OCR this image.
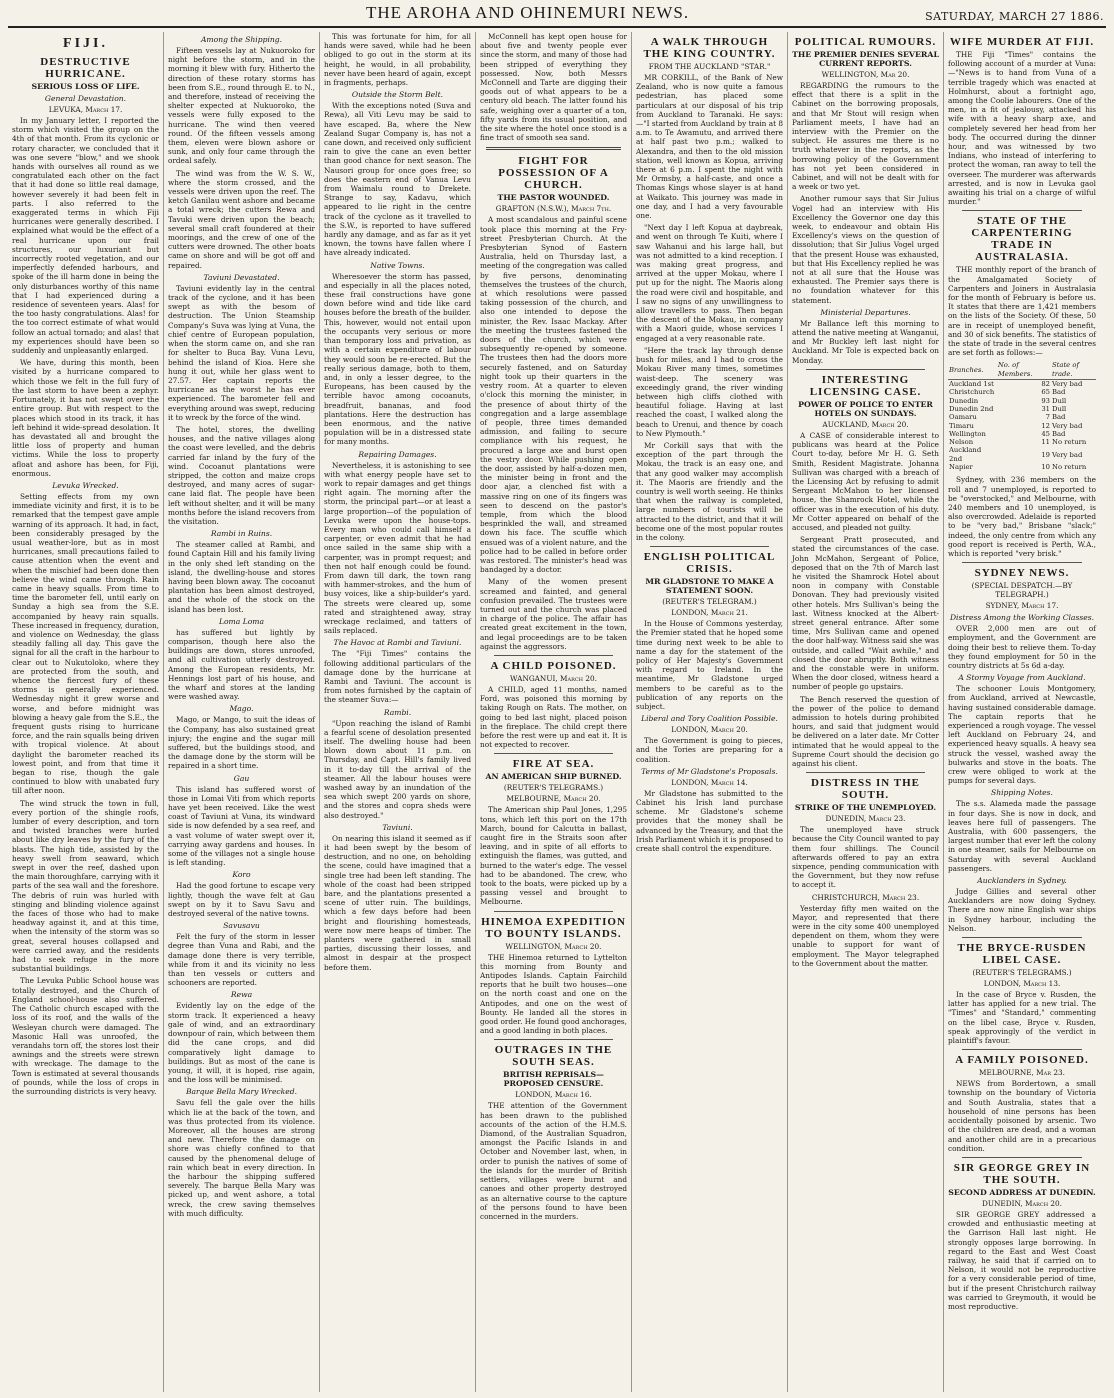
THE AROHA AND OHINEMURI NEWS.	SATURDAY, MARCH 27 1886.
FIJI.
DESTRUCTIVE HURRICANE.
SERIOUS LOSS OF LIFE.
General Devastation.
LEVUKA, March 17.

In my January letter, I reported the storm which visited the group on the 4th of that month. From its cyclonic or rotary character, we concluded that it was one severe "blow," and we shook hands with ourselves all round as we congratulated each other on the fact that it had done so little real damage, however severely it had been felt in parts. I also referred to the exaggerated terms in which Fiji hurricanes were generally described. I explained what would be the effect of a real hurricane upon our frail structures, our luxuriant but incorrectly rooted vegetation, and our imperfectly defended harbours, and spoke of the ill harm done in being the only disturbances worthy of this name that I had experienced during a residence of seventeen years. Alas! for the too hasty congratulations. Alas! for the too correct estimate of what would follow an actual tornado; and alas! that my experiences should have been so suddenly and unpleasantly enlarged.

We have, during this month, been visited by a hurricane compared to which those we felt in the full fury of the last storm to have been a zephyr. Fortunately, it has not swept over the entire group. But with respect to the places which stood in its track, it has left behind it wide-spread desolation. It has devastated all and brought the little loss of property and human victims. While the loss to property afloat and ashore has been, for Fiji, enormous.

Levuka Wrecked.

Setting effects from my own immediate vicinity and first, it is to be remarked that the tempest gave ample warning of its approach. It had, in fact, been considerably presaged by the usual weather-lore, but as in most hurricanes, small precautions failed to cause attention when the event and when the mischief had been done then believe the wind came through. Rain came in heavy squalls. From time to time the barometer fell, until early on Sunday a high sea from the S.E. accompanied by heavy rain squalls. These increased in frequency, duration, and violence on Wednesday, the glass steadily falling all day. This gave the signal for all the craft in the harbour to clear out to Nukutoloko, where they are protected from the south, and whence the fiercest fury of these storms is generally experienced. Wednesday night it grew worse and worse, and before midnight was blowing a heavy gale from the S.E., the frequent gusts rising to hurricane force, and the rain squalls being driven with tropical violence. At about daylight the barometer reached its lowest point, and from that time it began to rise, though the gale continued to blow with unabated fury till after noon.

The wind struck the town in full, every portion of the shingle roofs, lumber of every description, and torn and twisted branches were hurled about like dry leaves by the fury of the blasts. The high tide, assisted by the heavy swell from seaward, which swept in over the reef, dashed upon the main thoroughfare, carrying with it parts of the sea wall and the foreshore. The debris of ruin was hurled with stinging and blinding violence against the faces of those who had to make headway against it, and at this time, when the intensity of the storm was so great, several houses collapsed and were carried away, and the residents had to seek refuge in the more substantial buildings.

The Levuka Public School house was totally destroyed, and the Church of England school-house also suffered. The Catholic church escaped with the loss of its roof, and the walls of the Wesleyan church were damaged. The Masonic Hall was unroofed, the verandahs torn off, the stores lost their awnings and the streets were strewn with wreckage. The damage to the Town is estimated at several thousands of pounds, while the loss of crops in the surrounding districts is very heavy.

Among the Shipping.

Fifteen vessels lay at Nukuoroko for night before the storm, and in the morning it blew with fury. Hitherto the direction of these rotary storms has been from S.E., round through E. to N., and therefore, instead of receiving the shelter expected at Nukuoroko, the vessels were fully exposed to the hurricane. The wind then veered round. Of the fifteen vessels among them, eleven were blown ashore or sunk, and only four came through the ordeal safely.

The wind was from the W. S. W., where the storm crossed, and the vessels were driven upon the reef. The ketch Ganilau went ashore and became a total wreck; the cutters Rewa and Tavuki were driven upon the beach; several small craft foundered at their moorings, and the crew of one of the cutters were drowned. The other boats came on shore and will be got off and repaired.

Taviuni Devastated.

Taviuni evidently lay in the central track of the cyclone, and it has been swept as with the besom of destruction. The Union Steamship Company's Suva was lying at Vuna, the chief centre of European population, when the storm came on, and she ran for shelter to Buca Bay. Vuna Levu, behind the island of Kioa. Here she hung it out, while her glass went to 27.57. Her captain reports the hurricane as the worst he has ever experienced. The barometer fell and everything around was swept, reducing it to wreck by the force of the wind.

The hotel, stores, the dwelling houses, and the native villages along the coast were levelled, and the debris carried far inland by the fury of the wind. Cocoanut plantations were stripped, the cotton and maize crops destroyed, and many acres of sugar-cane laid flat. The people have been left without shelter, and it will be many months before the island recovers from the visitation.

Rambi in Ruins.

The steamer called at Rambi, and found Captain Hill and his family living in the only shed left standing on the island, the dwelling-house and stores having been blown away. The cocoanut plantation has been almost destroyed, and the whole of the stock on the island has been lost.

Loma Loma

has suffered but lightly by comparison, though here also the buildings are down, stores unroofed, and all cultivation utterly destroyed. Among the European residents, Mr. Hennings lost part of his house, and the wharf and stores at the landing were washed away.

Mago.

Mago, or Mango, to suit the ideas of the Company, has also sustained great injury; the engine and the sugar mill suffered, but the buildings stood, and the damage done by the storm will be repaired in a short time.

Gau

This island has suffered worst of those in Lomai Viti from which reports have yet been received. Like the west coast of Taviuni at Vuna, its windward side is now defended by a sea reef, and a vast volume of water swept over it, carrying away gardens and houses. In some of the villages not a single house is left standing.

Koro

Had the good fortune to escape very lightly, though the wave felt at Gau swept on by it to Savu Savu and destroyed several of the native towns.

Savusavu

Felt the fury of the storm in lesser degree than Vuna and Rabi, and the damage done there is very terrible, while from it and its vicinity no less than ten vessels or cutters and schooners are reported.

Rewa

Evidently lay on the edge of the storm track. It experienced a heavy gale of wind, and an extraordinary downpour of rain, which between them did the cane crops, and did comparatively light damage to buildings. But as most of the cane is young, it will, it is hoped, rise again, and the loss will be minimised.

Barque Bella Mary Wrecked.

Savu fell the gale over the hills which lie at the back of the town, and was thus protected from its violence. Moreover, all the houses are strong and new. Therefore the damage on shore was chiefly confined to that caused by the phenomenal deluge of rain which beat in every direction. In the harbour the shipping suffered severely. The barque Bella Mary was picked up, and went ashore, a total wreck, the crew saving themselves with much difficulty.

This was fortunate for him, for all hands were saved, while had he been obliged to go out in the storm at its height, he would, in all probability, never have been heard of again, except in fragments, perhaps.

Outside the Storm Belt.

With the exceptions noted (Suva and Rewa), all Viti Levu may be said to have escaped. Ba, where the New Zealand Sugar Company is, has not a cane down, and received only sufficient rain to give the cane an even better than good chance for next season. The Nausori group for once goes free; so does the eastern end of Vanua Levu from Waimalu round to Drekete. Strange to say, Kadavu, which appeared to lie right in the centre track of the cyclone as it travelled to the S.W., is reported to have suffered hardly any damage, and as far as it yet known, the towns have fallen where I have already indicated.

Native Towns.

Wheresoever the storm has passed, and especially in all the places noted, these frail constructions have gone down before wind and tide like card houses before the breath of the builder. This, however, would not entail upon the occupants very serious or more than temporary loss and privation, as with a certain expenditure of labour they would soon be re-erected. But the really serious damage, both to them, and, in only a lesser degree, to the Europeans, has been caused by the terrible havoc among cocoanuts, breadfruit, bananas, and food plantations. Here the destruction has been enormous, and the native population will be in a distressed state for many months.

Repairing Damages.

Nevertheless, it is astonishing to see with what energy people have set to work to repair damages and get things right again. The morning after the storm, the principal part—or at least a large proportion—of the population of Levuka were upon the house-tops. Every man who could call himself a carpenter, or even admit that he had once sailed in the same ship with a carpenter, was in prompt request; and then not half enough could be found. From dawn till dark, the town rang with hammer-strokes, and the hum of busy voices, like a ship-builder's yard. The streets were cleared up, some rated and straightened away, stray wreckage reclaimed, and tatters of sails replaced.

The Havoc at Rambi and Taviuni.

The "Fiji Times" contains the following additional particulars of the damage done by the hurricane at Rambi and Taviuni. The account is from notes furnished by the captain of the steamer Suva:—

Rambi.

"Upon reaching the island of Rambi a fearful scene of desolation presented itself. The dwelling house had been blown down about 11 p.m. on Thursday, and Capt. Hill's family lived in it to-day till the arrival of the steamer. All the labour houses were washed away by an inundation of the sea which swept 200 yards on shore, and the stores and copra sheds were also destroyed."

Taviuni.

On nearing this island it seemed as if it had been swept by the besom of destruction, and no one, on beholding the scene, could have imagined that a single tree had been left standing. The whole of the coast had been stripped bare, and the plantations presented a scene of utter ruin. The buildings, which a few days before had been bright and flourishing homesteads, were now mere heaps of timber. The planters were gathered in small parties, discussing their losses, and almost in despair at the prospect before them.

McConnell has kept open house for about five and twenty people ever since the storm, and many of those had been stripped of everything they possessed. Now, both Messrs McConnell and Tarte are digging their goods out of what appears to be a century old beach. The latter found his safe, weighing over a quarter of a ton, fifty yards from its usual position, and the site where the hotel once stood is a fine tract of smooth sea sand.

FIGHT FOR POSSESSION OF A CHURCH.
THE PASTOR WOUNDED.
GRAFTON (N.S.W.), March 7th.

A most scandalous and painful scene took place this morning at the Fry-street Presbyterian Church. At the Presbyterian Synod of Eastern Australia, held on Thursday last, a meeting of the congregation was called by five persons, denominating themselves the trustees of the church, at which resolutions were passed taking possession of the church, and also one intended to depose the minister, the Rev. Isaac Mackay. After the meeting the trustees fastened the doors of the church, which were subsequently re-opened by someone. The trustees then had the doors more securely fastened, and on Saturday night took up their quarters in the vestry room. At a quarter to eleven o'clock this morning the minister, in the presence of about thirty of the congregation and a large assemblage of people, three times demanded admission, and failing to secure compliance with his request, he procured a large axe and burst open the vestry door. While pushing open the door, assisted by half-a-dozen men, the minister being in front and the door ajar, a clenched fist with a massive ring on one of its fingers was seen to descend on the pastor's temple, from which the blood besprinkled the wall, and streamed down his face. The scuffle which ensued was of a violent nature, and the police had to be called in before order was restored. The minister's head was bandaged by a doctor.

Many of the women present screamed and fainted, and general confusion prevailed. The trustees were turned out and the church was placed in charge of the police. The affair has created great excitement in the town, and legal proceedings are to be taken against the aggressors.

A CHILD POISONED.
WANGANUI, March 20.

A CHILD, aged 11 months, named Ford, was poisoned this morning by taking Rough on Rats. The mother, on going to bed last night, placed poison in the fireplace. The child crept there before the rest were up and eat it. It is not expected to recover.

FIRE AT SEA.
AN AMERICAN SHIP BURNED.
(REUTER'S TELEGRAMS.)
MELBOURNE, March 20.

The American ship Paul Jones, 1,295 tons, which left this port on the 17th March, bound for Calcutta in ballast, caught fire in the Straits soon after leaving, and in spite of all efforts to extinguish the flames, was gutted, and burned to the water's edge. The vessel had to be abandoned. The crew, who took to the boats, were picked up by a passing vessel and brought to Melbourne.

HINEMOA EXPEDITION TO BOUNTY ISLANDS.
WELLINGTON, March 20.

THE Hinemoa returned to Lyttelton this morning from Bounty and Antipodes Islands. Captain Fairchild reports that he built two houses—one on the north coast and one on the Antipodes, and one on the west of Bounty. He landed all the stores in good order. He found good anchorages, and a good landing in both places.

OUTRAGES IN THE SOUTH SEAS.
BRITISH REPRISALS—PROPOSED CENSURE.
LONDON, March 16.

THE attention of the Government has been drawn to the published accounts of the action of the H.M.S. Diamond, of the Australian Squadron, amongst the Pacific Islands in and October and November last, when, in order to punish the natives of some of the islands for the murder of British settlers, villages were burnt and canoes and other property destroyed as an alternative course to the capture of the persons found to have been concerned in the murders.

A WALK THROUGH THE KING COUNTRY.
FROM THE AUCKLAND "STAR."

MR CORKILL, of the Bank of New Zealand, who is now quite a famous pedestrian, has placed some particulars at our disposal of his trip from Auckland to Taranaki. He says:—"I started from Auckland by train at 8 a.m. to Te Awamutu, and arrived there at half past two p.m.; walked to Alexandra, and then to the old mission station, well known as Kopua, arriving there at 6 p.m. I spent the night with Mr Ormsby, a half-caste, and once a Thomas Kings whose slayer is at hand at Waikato. This journey was made in one day, and I had a very favourable one.

"Next day I left Kopua at daybreak, and went on through Te Kuiti, where I saw Wahanui and his large hall, but was not admitted to a kind reception. I was making great progress, and arrived at the upper Mokau, where I put up for the night. The Maoris along the road were civil and hospitable, and I saw no signs of any unwillingness to allow travellers to pass. Then began the descent of the Mokau, in company with a Maori guide, whose services I engaged at a very reasonable rate.

"Here the track lay through dense bush for miles, and I had to cross the Mokau River many times, sometimes waist-deep. The scenery was exceedingly grand, the river winding between high cliffs clothed with beautiful foliage. Having at last reached the coast, I walked along the beach to Urenui, and thence by coach to New Plymouth."

Mr Corkill says that with the exception of the part through the Mokau, the track is an easy one, and that any good walker may accomplish it. The Maoris are friendly and the country is well worth seeing. He thinks that when the railway is completed, large numbers of tourists will be attracted to the district, and that it will become one of the most popular routes in the colony.

ENGLISH POLITICAL CRISIS.
MR GLADSTONE TO MAKE A STATEMENT SOON.
(REUTER'S TELEGRAM.)
LONDON, March 21.

In the House of Commons yesterday, the Premier stated that he hoped some time during next week to be able to name a day for the statement of the policy of Her Majesty's Government with regard to Ireland. In the meantime, Mr Gladstone urged members to be careful as to the publication of any reports on the subject.

Liberal and Tory Coalition Possible.
LONDON, March 20.

The Government is going to pieces, and the Tories are preparing for a coalition.

Terms of Mr Gladstone's Proposals.
LONDON, March 14.

Mr Gladstone has submitted to the Cabinet his Irish land purchase scheme. Mr Gladstone's scheme provides that the money shall be advanced by the Treasury, and that the Irish Parliament which it is proposed to create shall control the expenditure.

POLITICAL RUMOURS.
THE PREMIER DENIES SEVERAL CURRENT REPORTS.
WELLINGTON, Mar 20.

REGARDING the rumours to the effect that there is a split in the Cabinet on the borrowing proposals, and that Mr Stout will resign when Parliament meets, I have had an interview with the Premier on the subject. He assures me there is no truth whatever in the reports, as the borrowing policy of the Government has not yet been considered in Cabinet, and will not be dealt with for a week or two yet.

Another rumour says that Sir Julius Vogel had an interview with His Excellency the Governor one day this week, to endeavour and obtain His Excellency's views on the question of dissolution; that Sir Julius Vogel urged that the present House was exhausted, but that His Excellency replied he was not at all sure that the House was exhausted. The Premier says there is no foundation whatever for this statement.

Ministerial Departures.

Mr Ballance left this morning to attend the native meeting at Wanganui, and Mr Buckley left last night for Auckland. Mr Tole is expected back on Monday.

INTERESTING LICENSING CASE.
POWER OF POLICE TO ENTER HOTELS ON SUNDAYS.
AUCKLAND, March 20.

A CASE of considerable interest to publicans was heard at the Police Court to-day, before Mr H. G. Seth Smith, Resident Magistrate. Johanna Sullivan was charged with a breach of the Licensing Act by refusing to admit Sergeant McMahon to her licensed house, the Shamrock Hotel, while the officer was in the execution of his duty. Mr Cotter appeared on behalf of the accused, and pleaded not guilty.

Sergeant Pratt prosecuted, and stated the circumstances of the case. John McMahon, Sergeant of Police, deposed that on the 7th of March last he visited the Shamrock Hotel about noon in company with Constable Donovan. They had previously visited other hotels. Mrs Sullivan's being the last. Witness knocked at the Albert-street general entrance. After some time, Mrs Sullivan came and opened the door half-way. Witness said she was outside, and called "Wait awhile," and closed the door abruptly. Both witness and the constable were in uniform. When the door closed, witness heard a number of people go upstairs.

The Bench reserved the question of the power of the police to demand admission to hotels during prohibited hours, and said that judgment would be delivered on a later date. Mr Cotter intimated that he would appeal to the Supreme Court should the decision go against his client.

DISTRESS IN THE SOUTH.
STRIKE OF THE UNEMPLOYED.
DUNEDIN, March 23.

The unemployed have struck because the City Council wanted to pay them four shillings. The Council afterwards offered to pay an extra sixpence, pending communication with the Government, but they now refuse to accept it.

CHRISTCHURCH, March 23.

Yesterday fifty men waited on the Mayor, and represented that there were in the city some 400 unemployed dependent on them, whom they were unable to support for want of employment. The Mayor telegraphed to the Government about the matter.

WIFE MURDER AT FIJI.

THE Fiji "Times" contains the following account of a murder at Vuna:—"News is to hand from Vuna of a terrible tragedy which was enacted at Holmhurst, about a fortnight ago, among the Coolie labourers. One of the men, in a fit of jealousy, attacked his wife with a heavy sharp axe, and completely severed her head from her body. The occurred during the dinner hour, and was witnessed by two Indians, who instead of interfering to protect the woman, ran away to tell the overseer. The murderer was afterwards arrested, and is now in Levuka gaol awaiting his trial on a charge of wilful murder."

STATE OF THE CARPENTERING TRADE IN AUSTRALASIA.

THE monthly report of the branch of the Amalgamated Society of Carpenters and Joiners in Australasia for the month of February is before us. It states that there are 1,421 members on the lists of the Society. Of these, 50 are in receipt of unemployed benefit, and 30 of sick benefits. The statistics of the state of trade in the several centres are set forth as follows:—

Branches.	No. of Members.	State of trade.
Auckland 1st	82	Very bad
Christchurch	65	Bad
Dunedin	93	Dull
Dunedin 2nd	31	Dull
Oamaru	7	Bad
Timaru	12	Very bad
Wellington	45	Bad
Nelson	11	No return
Auckland 2nd	19	Very bad
Napier	10	No return

Sydney, with 236 members on the roll and 7 unemployed, is reported to be "overstocked," and Melbourne, with 240 members and 10 unemployed, is also overcrowded. Adelaide is reported to be "very bad," Brisbane "slack;" indeed, the only centre from which any good report is received is Perth, W.A., which is reported "very brisk."

SYDNEY NEWS.
(SPECIAL DESPATCH.—BY TELEGRAPH.)
SYDNEY, March 17.
Distress Among the Working Classes.

OVER 2,000 men are out of employment, and the Government are doing their best to relieve them. To-day they found employment for 50 in the country districts at 5s 6d a-day.

A Stormy Voyage from Auckland.

The schooner Louis Montgomery, from Auckland, arrived at Newcastle, having sustained considerable damage. The captain reports that he experienced a rough voyage. The vessel left Auckland on February 24, and experienced heavy squalls. A heavy sea struck the vessel, washed away the bulwarks and stove in the boats. The crew were obliged to work at the pumps for several days.

Shipping Notes.

The s.s. Alameda made the passage in four days. She is now in dock, and leaves here full of passengers. The Australia, with 600 passengers, the largest number that ever left the colony in one steamer, sails for Melbourne on Saturday with several Auckland passengers.

Aucklanders in Sydney.

Judge Gillies and several other Aucklanders are now doing Sydney. There are now nine English war ships in Sydney harbour, including the Nelson.

THE BRYCE-RUSDEN LIBEL CASE.
(REUTER'S TELEGRAMS.)
LONDON, March 13.

In the case of Bryce v. Rusden, the latter has applied for a new trial. The "Times" and "Standard," commenting on the libel case, Bryce v. Rusden, speak approvingly of the verdict in plaintiff's favour.

A FAMILY POISONED.
MELBOURNE, Mar 23.

NEWS from Bordertown, a small township on the boundary of Victoria and South Australia, states that a household of nine persons has been accidentally poisoned by arsenic. Two of the children are dead, and a woman and another child are in a precarious condition.

SIR GEORGE GREY IN THE SOUTH.
SECOND ADDRESS AT DUNEDIN.
DUNEDIN, March 20.

SIR GEORGE GREY addressed a crowded and enthusiastic meeting at the Garrison Hall last night. He strongly opposes large borrowing. In regard to the East and West Coast railway, he said that if carried on to Nelson, it would not be reproductive for a very considerable period of time, but if the present Christchurch railway was carried to Greymouth, it would be most reproductive.
